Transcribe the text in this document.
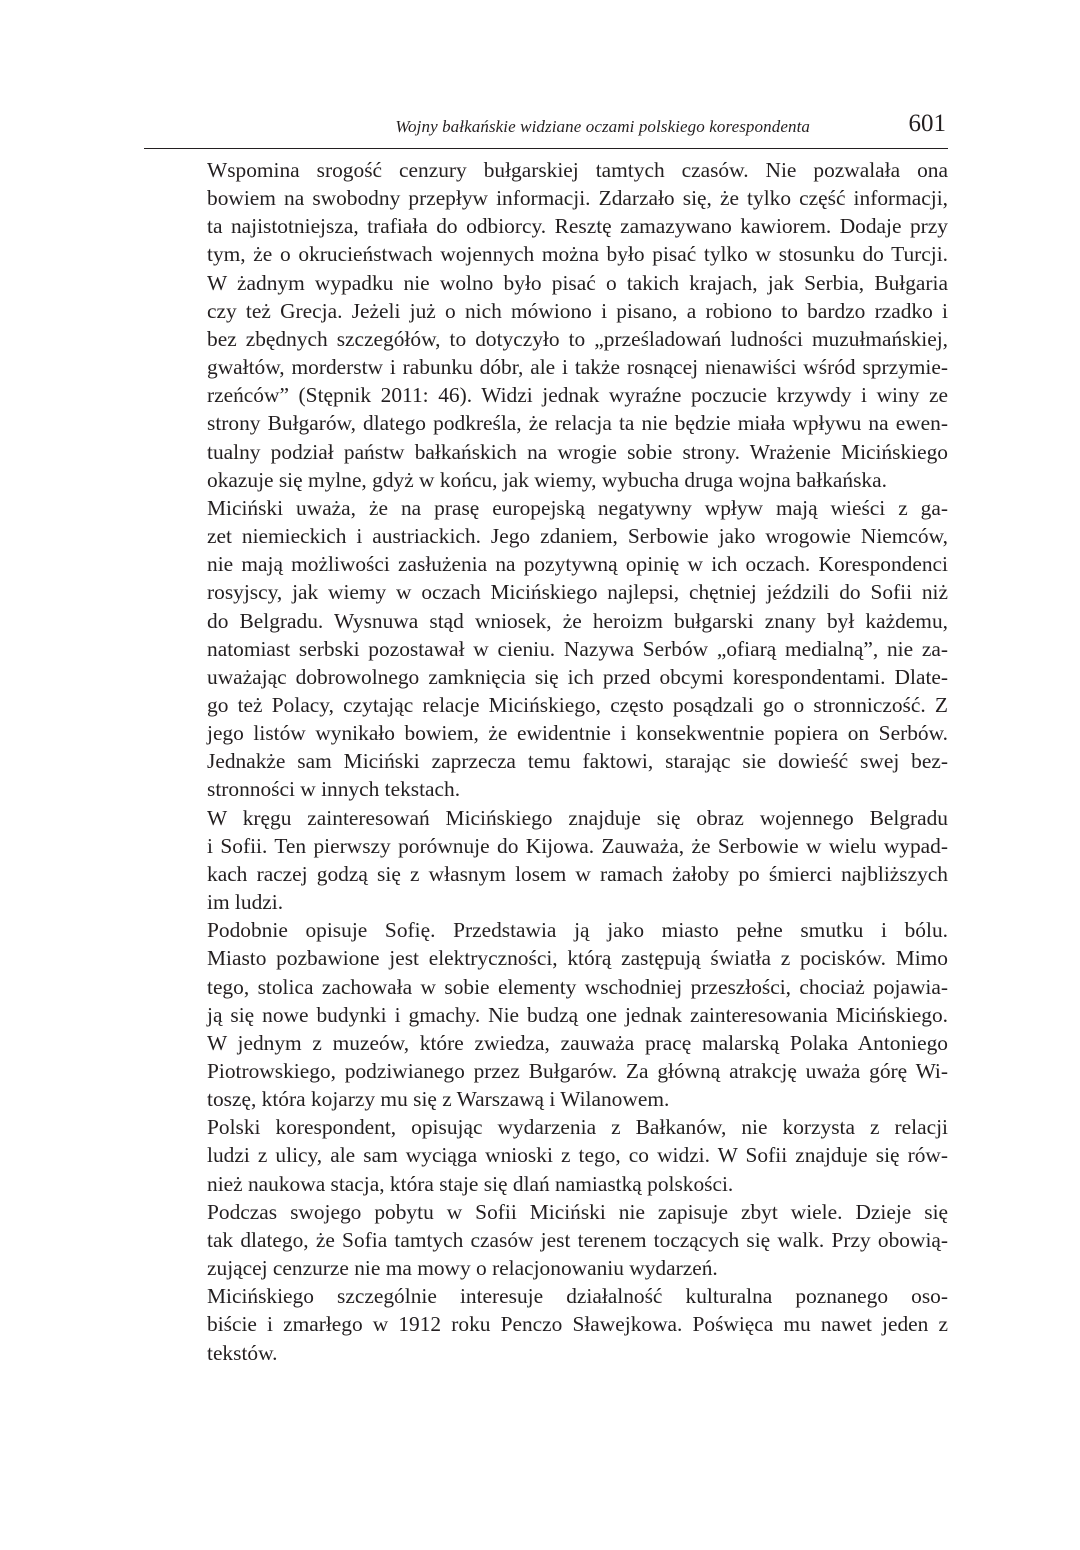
Wojny bałkańskie widziane oczami polskiego korespondenta	601

Wspomina srogość cenzury bułgarskiej tamtych czasów. Nie pozwalała ona
bowiem na swobodny przepływ informacji. Zdarzało się, że tylko część informacji,
ta najistotniejsza, trafiała do odbiorcy. Resztę zamazywano kawiorem. Dodaje przy
tym, że o okrucieństwach wojennych można było pisać tylko w stosunku do Turcji.
W żadnym wypadku nie wolno było pisać o takich krajach, jak Serbia, Bułgaria
czy też Grecja. Jeżeli już o nich mówiono i pisano, a robiono to bardzo rzadko i
bez zbędnych szczegółów, to dotyczyło to „prześladowań ludności muzułmańskiej,
gwałtów, morderstw i rabunku dóbr, ale i także rosnącej nienawiści wśród sprzymie-
rzeńców” (Stępnik 2011: 46). Widzi jednak wyraźne poczucie krzywdy i winy ze
strony Bułgarów, dlatego podkreśla, że relacja ta nie będzie miała wpływu na ewen-
tualny podział państw bałkańskich na wrogie sobie strony. Wrażenie Micińskiego
okazuje się mylne, gdyż w końcu, jak wiemy, wybucha druga wojna bałkańska.

Miciński uważa, że na prasę europejską negatywny wpływ mają wieści z ga-
zet niemieckich i austriackich. Jego zdaniem, Serbowie jako wrogowie Niemców,
nie mają możliwości zasłużenia na pozytywną opinię w ich oczach. Korespondenci
rosyjscy, jak wiemy w oczach Micińskiego najlepsi, chętniej jeździli do Sofii niż
do Belgradu. Wysnuwa stąd wniosek, że heroizm bułgarski znany był każdemu,
natomiast serbski pozostawał w cieniu. Nazywa Serbów „ofiarą medialną”, nie za-
uważając dobrowolnego zamknięcia się ich przed obcymi korespondentami. Dlate-
go też Polacy, czytając relacje Micińskiego, często posądzali go o stronniczość. Z
jego listów wynikało bowiem, że ewidentnie i konsekwentnie popiera on Serbów.
Jednakże sam Miciński zaprzecza temu faktowi, starając sie dowieść swej bez-
stronności w innych tekstach.

W kręgu zainteresowań Micińskiego znajduje się obraz wojennego Belgradu
i Sofii. Ten pierwszy porównuje do Kijowa. Zauważa, że Serbowie w wielu wypad-
kach raczej godzą się z własnym losem w ramach żałoby po śmierci najbliższych
im ludzi.

Podobnie opisuje Sofię. Przedstawia ją jako miasto pełne smutku i bólu.
Miasto pozbawione jest elektryczności, którą zastępują światła z pocisków. Mimo
tego, stolica zachowała w sobie elementy wschodniej przeszłości, chociaż pojawia-
ją się nowe budynki i gmachy. Nie budzą one jednak zainteresowania Micińskiego.
W jednym z muzeów, które zwiedza, zauważa pracę malarską Polaka Antoniego
Piotrowskiego, podziwianego przez Bułgarów. Za główną atrakcję uważa górę Wi-
toszę, która kojarzy mu się z Warszawą i Wilanowem.

Polski korespondent, opisując wydarzenia z Bałkanów, nie korzysta z relacji
ludzi z ulicy, ale sam wyciąga wnioski z tego, co widzi. W Sofii znajduje się rów-
nież naukowa stacja, która staje się dlań namiastką polskości.

Podczas swojego pobytu w Sofii Miciński nie zapisuje zbyt wiele. Dzieje się
tak dlatego, że Sofia tamtych czasów jest terenem toczących się walk. Przy obowią-
zującej cenzurze nie ma mowy o relacjonowaniu wydarzeń.

Micińskiego szczególnie interesuje działalność kulturalna poznanego oso-
biście i zmarłego w 1912 roku Penczo Sławejkowa. Poświęca mu nawet jeden z
tekstów.
